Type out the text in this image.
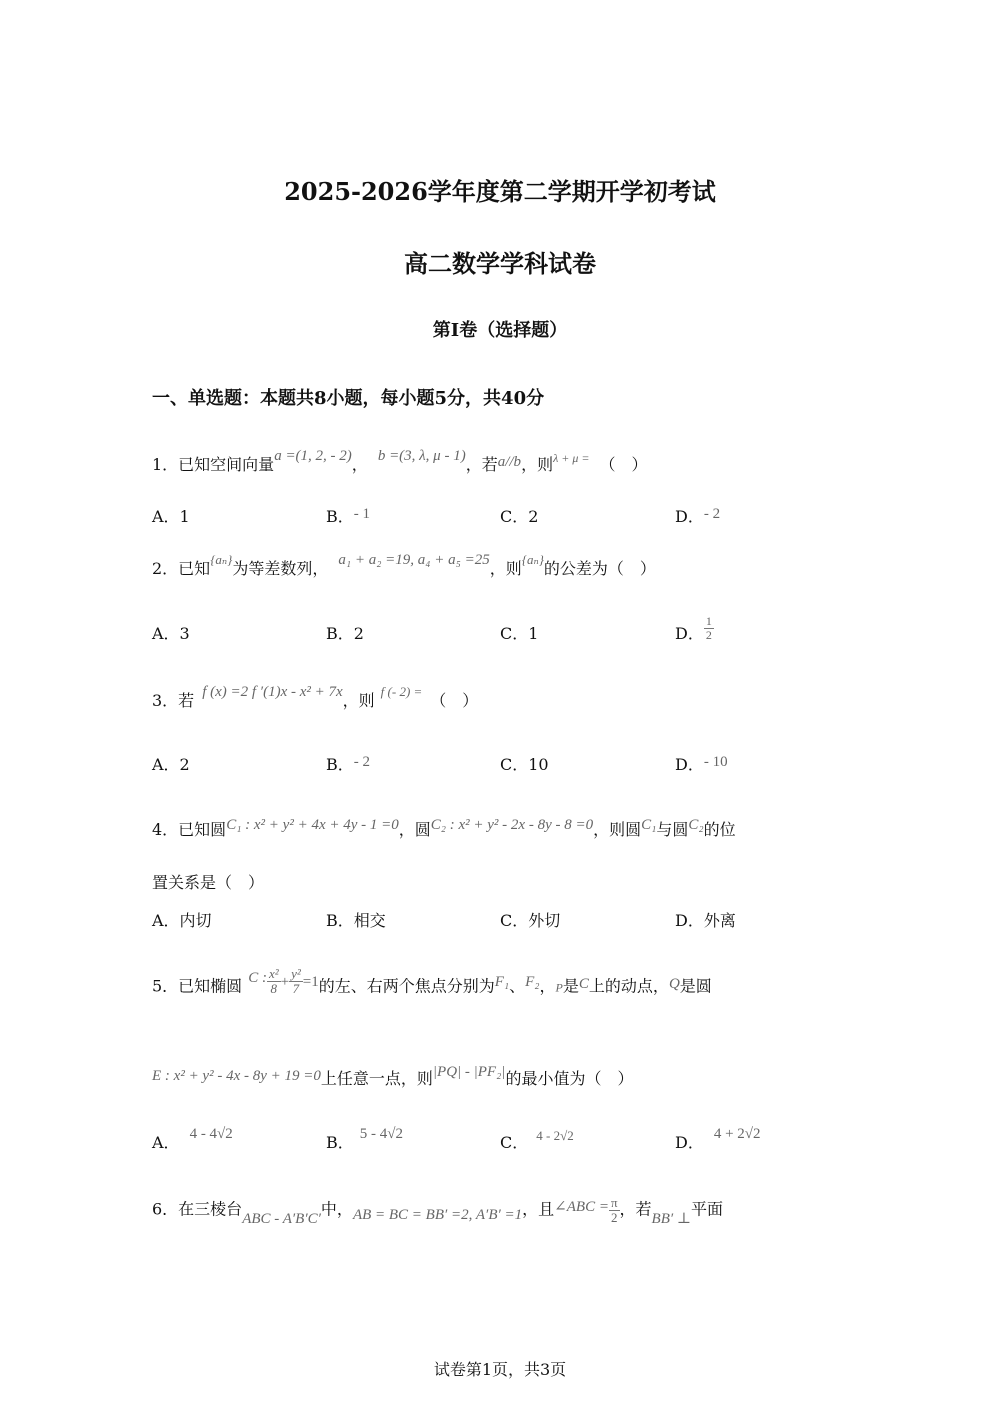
2025-2026学年度第二学期开学初考试
高二数学学科试卷
第I卷（选择题）
一、单选题：本题共8小题，每小题5分，共40分
1．已知空间向量a =(1, 2, - 2)， b =(3, λ, μ - 1)，若a//b，则$^{\lambda + \mu =}$ （　）
A．1	B．- 1	C．2	D．- 2
2．已知$^{\{a_n\}}$为等差数列， a₁ + a₂ =19, a₄ + a₅ =25，则$^{\{a_n\}}$的公差为（　）
A．3	B．2	C．1	D． $\frac{1}{2}$
3．若 f (x) =2 f ′(1)x - x² + 7x，则 $^{f (- 2) =}$ （　）
A．2	B．- 2	C．10	D．- 10
4．已知圆C₁ : x² + y² + 4x + 4y - 1 =0，圆C₂ : x² + y² - 2x - 8y - 8 =0，则圆C₁与圆C₂的位
置关系是（　）
A．内切	B．相交	C．外切	D．外离
5．已知椭圆 C : $\frac{\text{x²}}{8} + \frac{\text{y²}}{7} =1$的左、右两个焦点分别为F₁、F₂，P是C上的动点，Q是圆
E : x² + y² - 4x - 8y + 19 =0上任意一点，则|PQ| - |PF₂|的最小值为（　）
A． 4 - 4√2	B． 5 - 4√2	C． $^{4 - 2√2}$	D． 4 + 2√2
6．在三棱台ABC - A′B′C′中，AB = BC = BB′ =2, A′B′ =1，且∠ABC = $\frac{\pi}{2}$ ，若BB′ ⊥平面
试卷第1页，共3页
